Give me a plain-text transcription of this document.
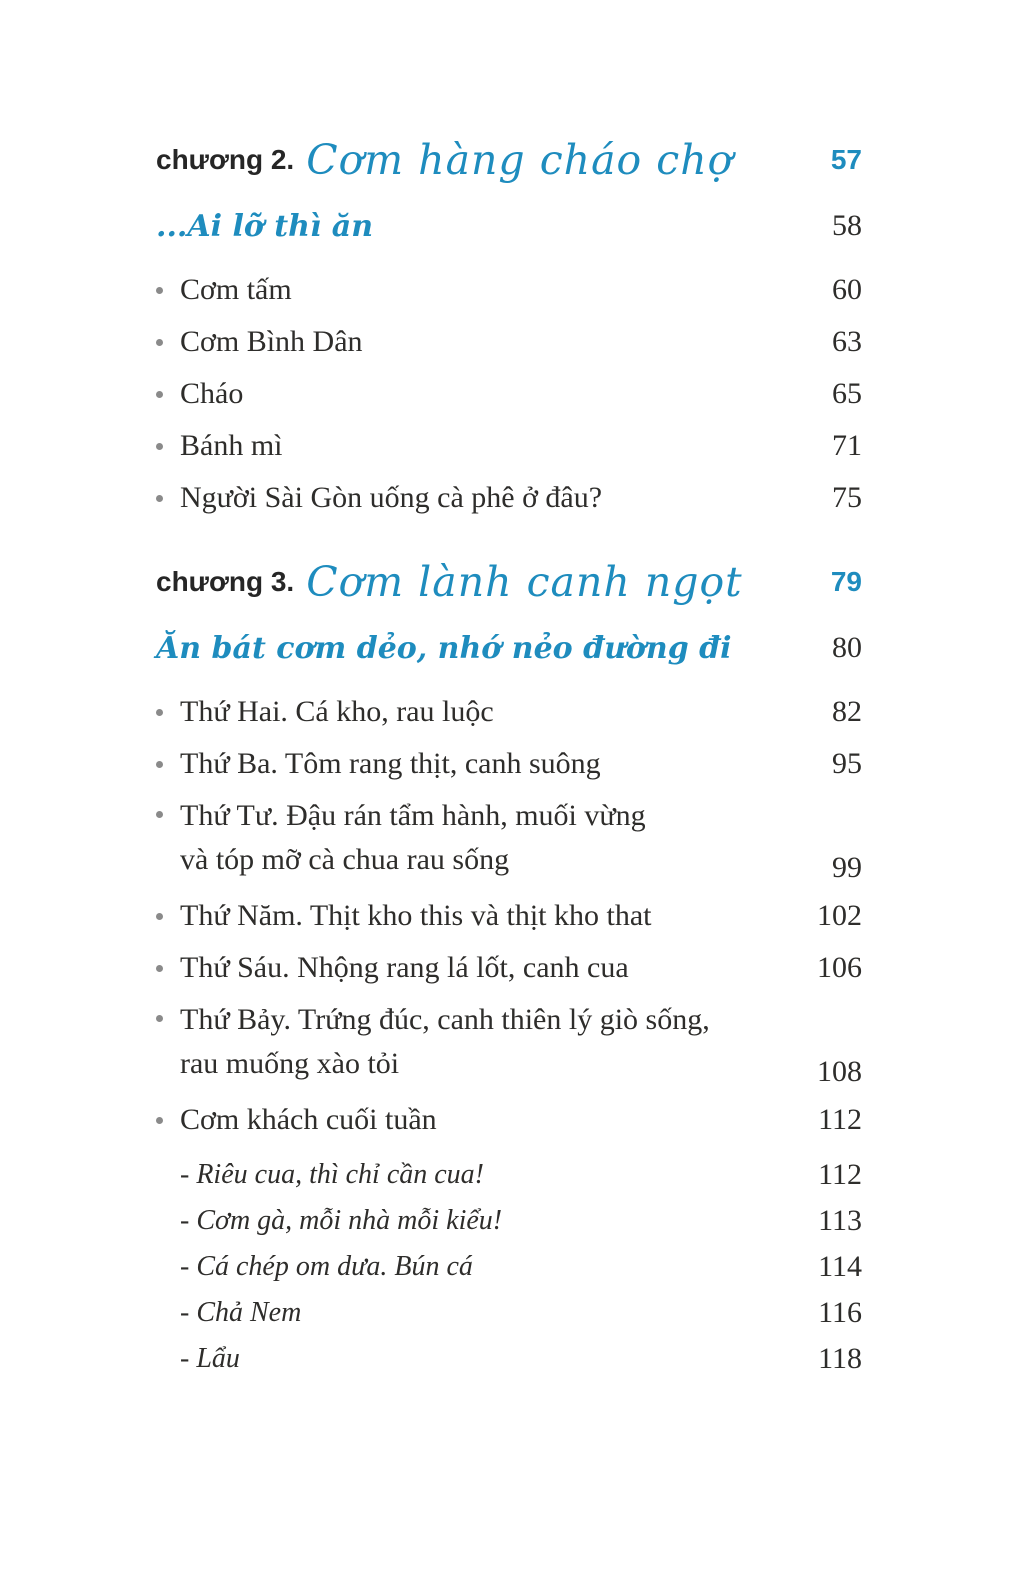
chương 2. Cơm hàng cháo chợ	57
...Ai lỡ thì ăn	58
Cơm tấm	60
Cơm Bình Dân	63
Cháo	65
Bánh mì	71
Người Sài Gòn uống cà phê ở đâu?	75
chương 3. Cơm lành canh ngọt	79
Ăn bát cơm dẻo, nhớ nẻo đường đi	80
Thứ Hai. Cá kho, rau luộc	82
Thứ Ba. Tôm rang thịt, canh suông	95
Thứ Tư. Đậu rán tẩm hành, muối vừng
và tóp mỡ cà chua rau sống	99
Thứ Năm. Thịt kho this và thịt kho that	102
Thứ Sáu. Nhộng rang lá lốt, canh cua	106
Thứ Bảy. Trứng đúc, canh thiên lý giò sống,
rau muống xào tỏi	108
Cơm khách cuối tuần	112
- Riêu cua, thì chỉ cần cua!	112
- Cơm gà, mỗi nhà mỗi kiểu!	113
- Cá chép om dưa. Bún cá	114
- Chả Nem	116
- Lẩu	118
